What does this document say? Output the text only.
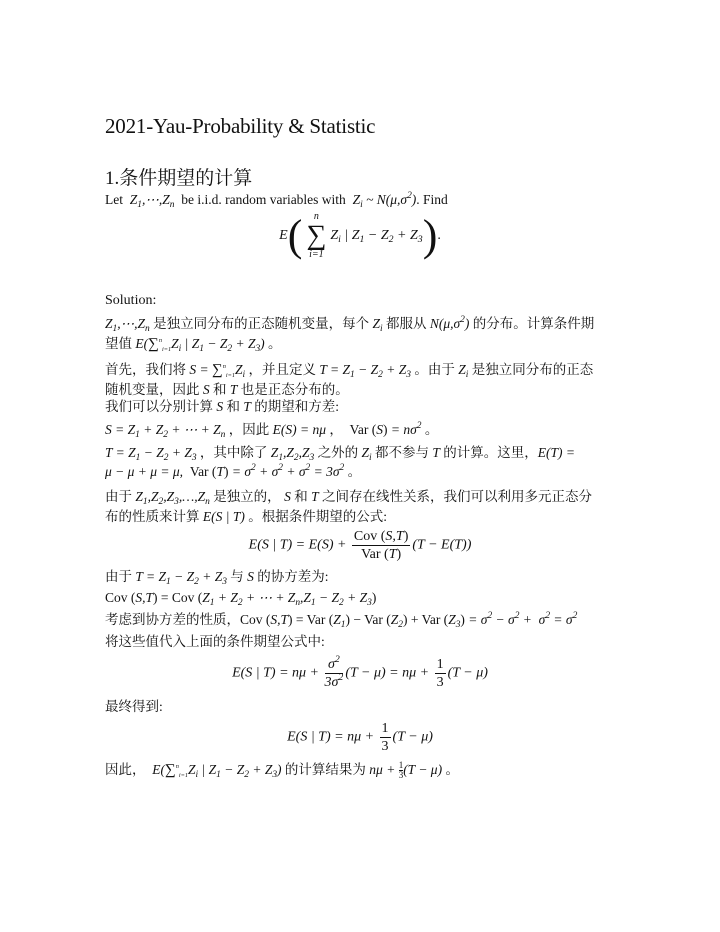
2021-Yau-Probability & Statistic
1.条件期望的计算
Let  $Z_1,\cdots,Z_n$ be i.i.d. random variables with  $Z_i$ ~ $N(\mu,\sigma^2)$. Find
E(	n
∑
i=1
$Z_i$ | $Z_1 - Z_2 + Z_3$).
Solution:
$Z_1,\cdots,Z_n$ 是独立同分布的正态随机变量，每个 $Z_i$ 都服从 $N(\mu,\sigma^2)$ 的分布。计算条件期
望值 $E(\sum^n_{i=1}Z_i$ | $Z_1 - Z_2 + Z_3$) 。
首先，我们将 $S = \sum^n_{i=1}Z_i$ ，并且定义 $T = Z_1 - Z_2 + Z_3$ 。由于 $Z_i$ 是独立同分布的正态
随机变量，因此 S 和 T 也是正态分布的。
我们可以分别计算 S 和 T 的期望和方差:
$S = Z_1 + Z_2$ + ⋯ + $Z_n$ ，因此 E(S) = nμ ， Var $(S) = n\sigma^2$ 。
$T = Z_1 - Z_2 + Z_3$ ，其中除了 $Z_1,Z_2,Z_3$ 之外的 $Z_i$ 都不参与 T 的计算。这里，E(T) =
μ − μ + μ = μ, Var $(T) = \sigma^2 + \sigma^2 + \sigma^2 = 3\sigma^2$ 。
由于 $Z_1,Z_2,Z_3,\dots,Z_n$ 是独立的， S 和 T 之间存在线性关系，我们可以利用多元正态分
布的性质来计算 E(S | T) 。根据条件期望的公式:
E(S | $T) = E(S) + \frac{\text{Cov (S,T)}}{\text{Var (T)}} (T - E(T))$
由于 $T = Z_1 - Z_2 + Z_3$ 与 S 的协方差为:
Cov (S,T) = Cov ($Z_1 + Z_2$ + ⋯ + $Z_n,Z_1 - Z_2 + Z_3$)
考虑到协方差的性质，Cov (S,T) = Var $(Z_1)$ − Var $(Z_2)$ + Var $(Z_3) = \sigma^2 - \sigma^2 + \sigma^2 = \sigma^2$
将这些值代入上面的条件期望公式中:
E(S | $T) = n\mu + \frac{\sigma^2}{3\sigma^2} (T - \mu) = n\mu + \frac{1}{3} (T - \mu)$
最终得到:
E(S | $T) = n\mu + \frac{1}{3} (T - \mu)$
因此， $E(\sum^n_{i=1}Z_i$ | $Z_1 - Z_2 + Z_3$) 的计算结果为 $n\mu + \frac{1}{3} (T - \mu)$ 。
